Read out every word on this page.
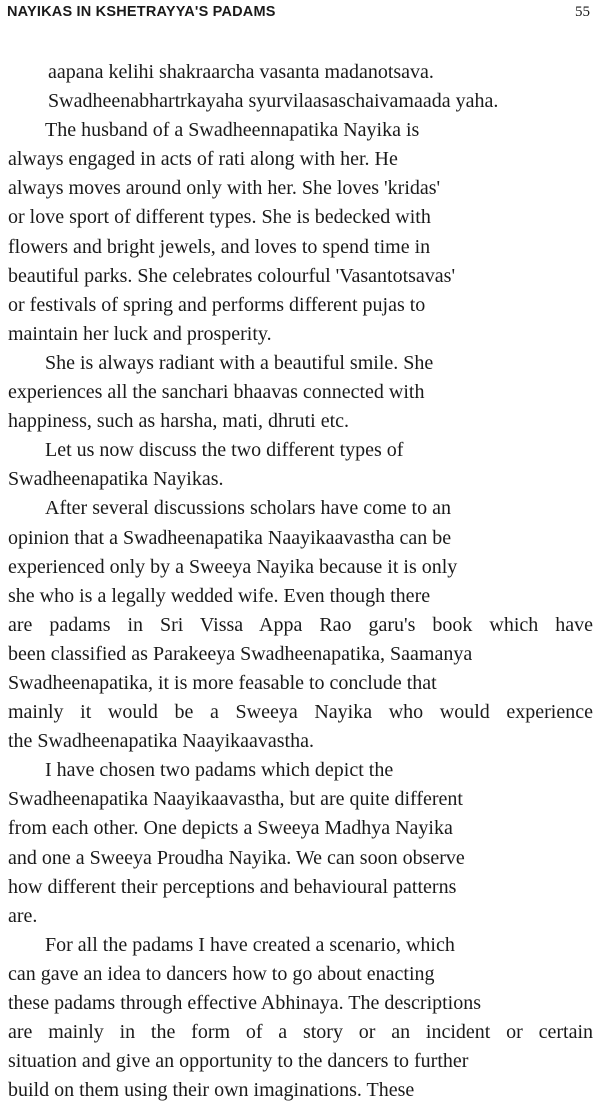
NAYIKAS IN KSHETRAYYA'S PADAMS	55
aapana kelihi shakraarcha vasanta madanotsava.
Swadheenabhartrkayaha syurvilaasaschaivamaada yaha.
The husband of a Swadheennapatika Nayika is
always engaged in acts of rati along with her. He
always moves around only with her. She loves 'kridas'
or love sport of different types. She is bedecked with
flowers and bright jewels, and loves to spend time in
beautiful parks. She celebrates colourful 'Vasantotsavas'
or festivals of spring and performs different pujas to
maintain her luck and prosperity.
She is always radiant with a beautiful smile. She
experiences all the sanchari bhaavas connected with
happiness, such as harsha, mati, dhruti etc.
Let us now discuss the two different types of
Swadheenapatika Nayikas.
After several discussions scholars have come to an
opinion that a Swadheenapatika Naayikaavastha can be
experienced only by a Sweeya Nayika because it is only
she who is a legally wedded wife. Even though there
are padams in Sri Vissa Appa Rao garu's book which have
been classified as Parakeeya Swadheenapatika, Saamanya
Swadheenapatika, it is more feasable to conclude that
mainly it would be a Sweeya Nayika who would experience
the Swadheenapatika Naayikaavastha.
I have chosen two padams which depict the
Swadheenapatika Naayikaavastha, but are quite different
from each other. One depicts a Sweeya Madhya Nayika
and one a Sweeya Proudha Nayika. We can soon observe
how different their perceptions and behavioural patterns
are.
For all the padams I have created a scenario, which
can gave an idea to dancers how to go about enacting
these padams through effective Abhinaya. The descriptions
are mainly in the form of a story or an incident or certain
situation and give an opportunity to the dancers to further
build on them using their own imaginations. These
